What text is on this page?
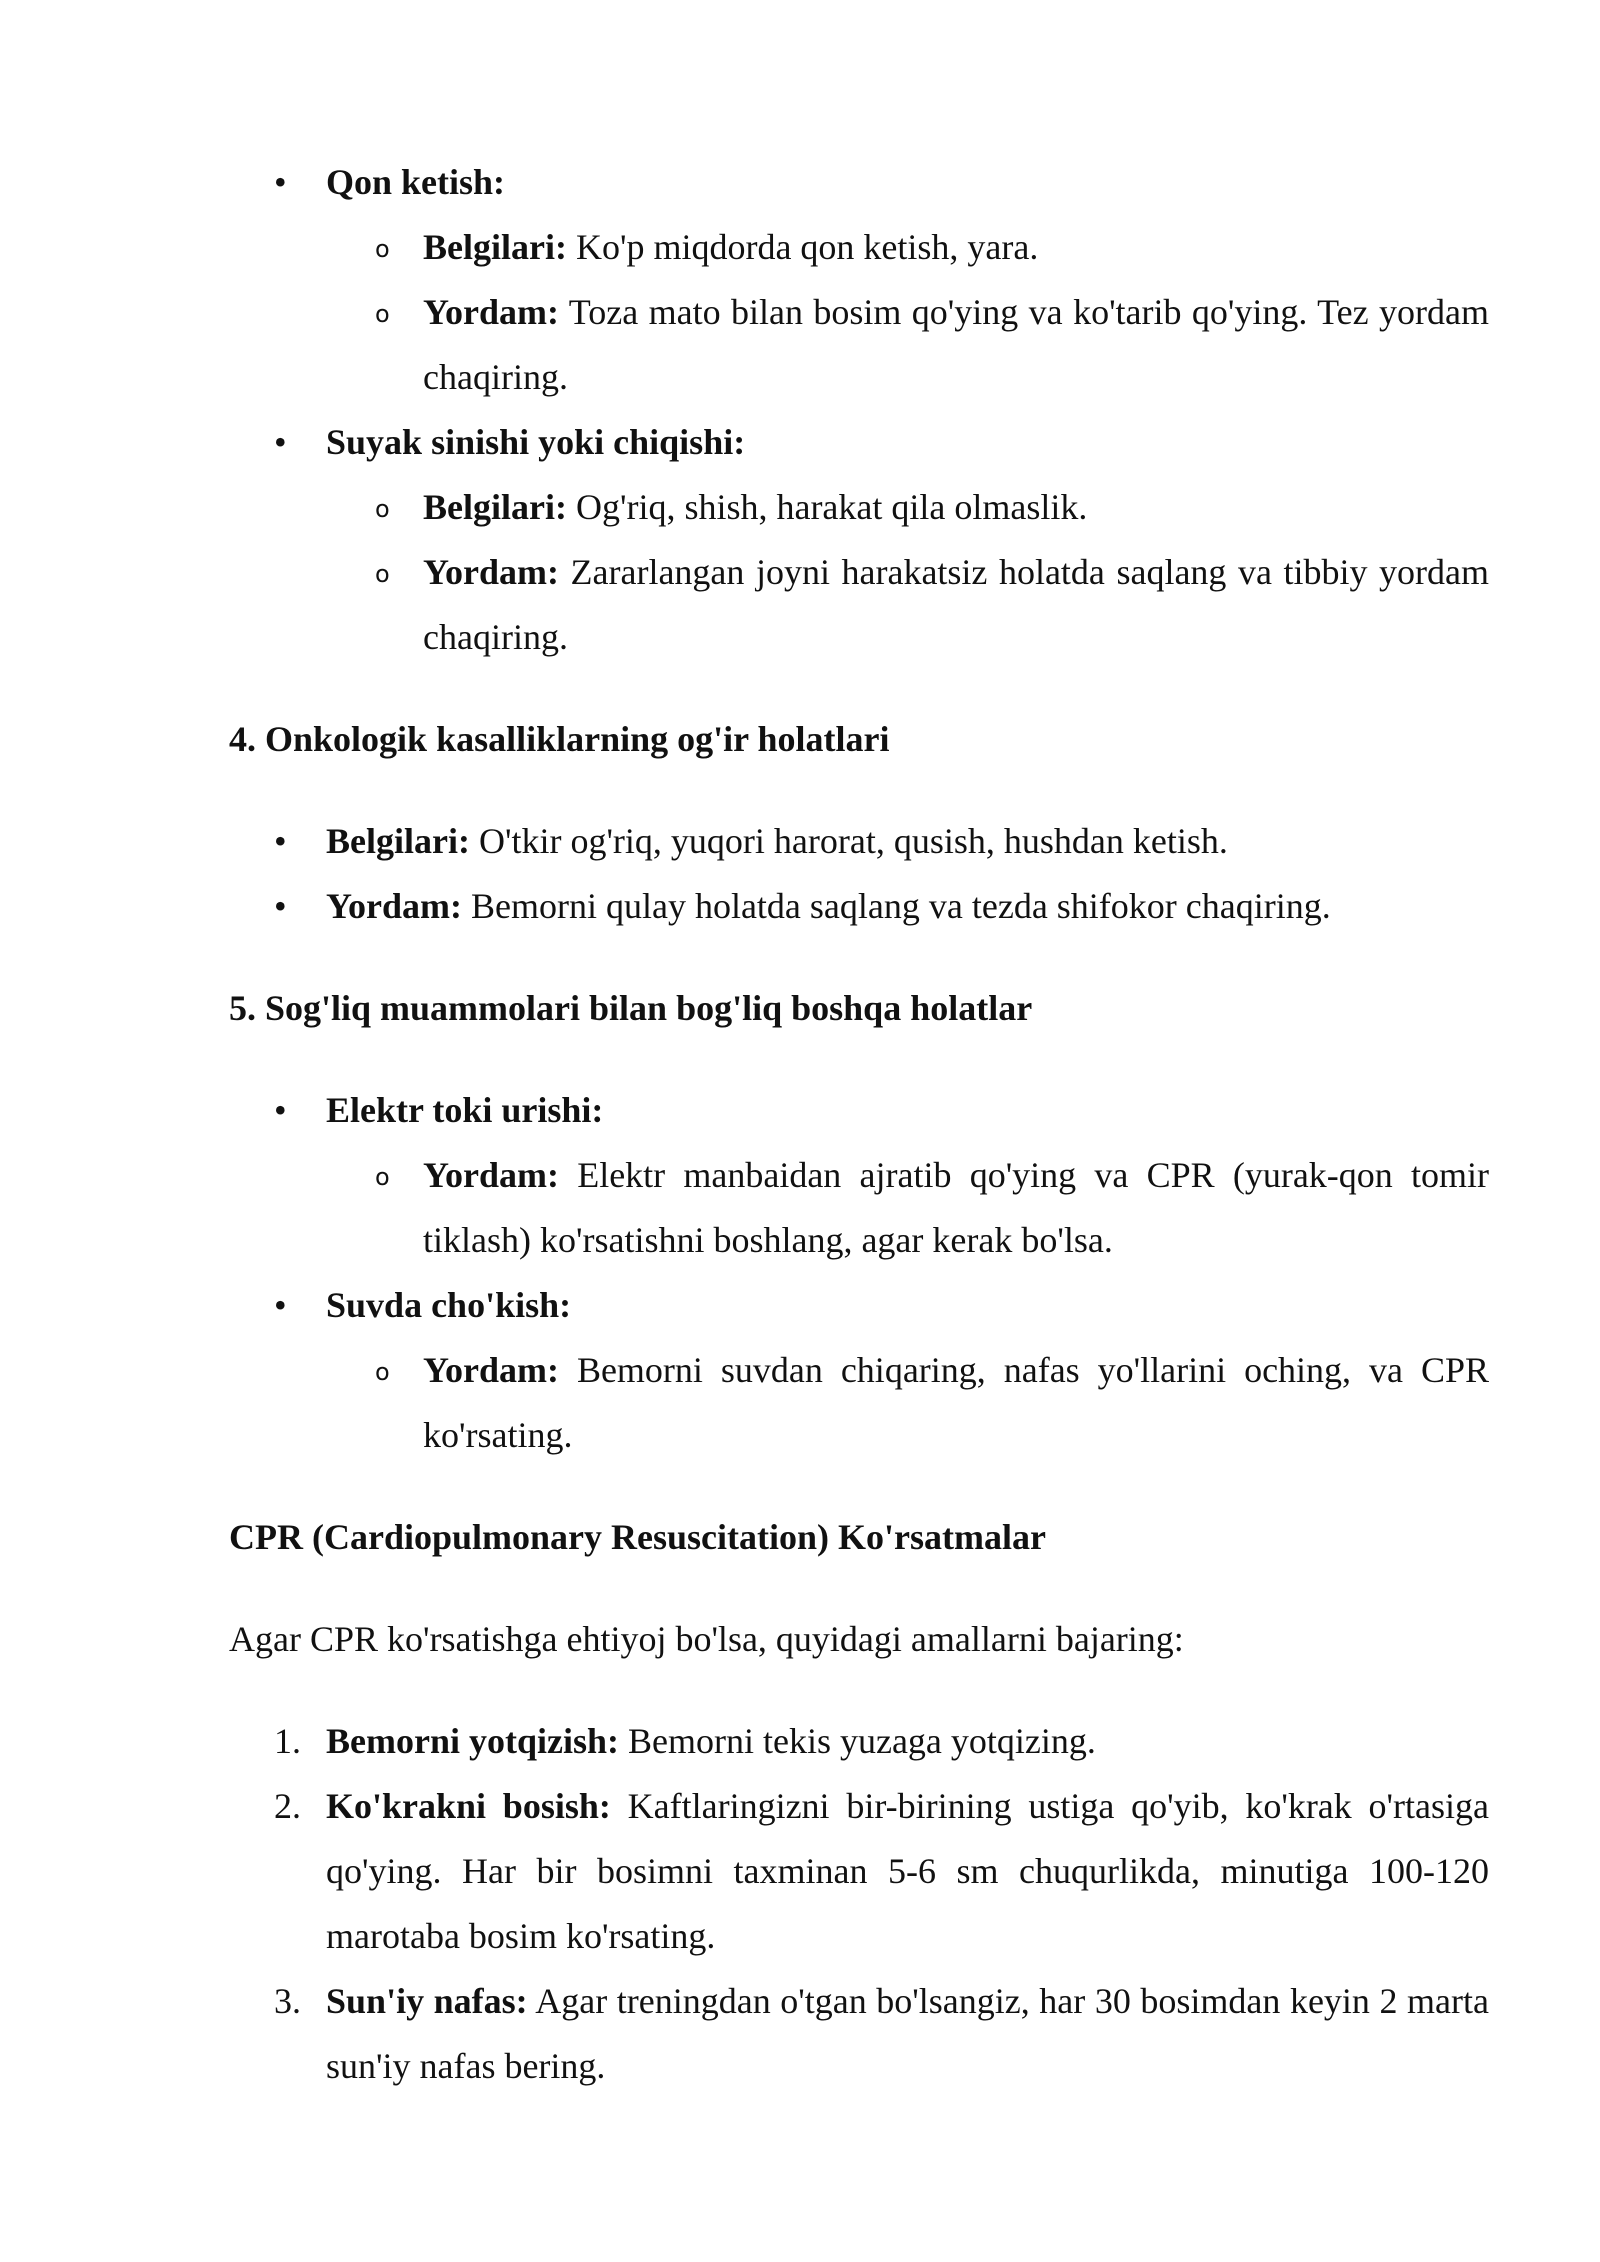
• Qon ketish:
o Belgilari: Ko'p miqdorda qon ketish, yara.
o Yordam: Toza mato bilan bosim qo'ying va ko'tarib qo'ying. Tez yordam chaqiring.
• Suyak sinishi yoki chiqishi:
o Belgilari: Og'riq, shish, harakat qila olmaslik.
o Yordam: Zararlangan joyni harakatsiz holatda saqlang va tibbiy yordam chaqiring.
4. Onkologik kasalliklarning og'ir holatlari
• Belgilari: O'tkir og'riq, yuqori harorat, qusish, hushdan ketish.
• Yordam: Bemorni qulay holatda saqlang va tezda shifokor chaqiring.
5. Sog'liq muammolari bilan bog'liq boshqa holatlar
• Elektr toki urishi:
o Yordam: Elektr manbaidan ajratib qo'ying va CPR (yurak-qon tomir tiklash) ko'rsatishni boshlang, agar kerak bo'lsa.
• Suvda cho'kish:
o Yordam: Bemorni suvdan chiqaring, nafas yo'llarini oching, va CPR ko'rsating.
CPR (Cardiopulmonary Resuscitation) Ko'rsatmalar

Agar CPR ko'rsatishga ehtiyoj bo'lsa, quyidagi amallarni bajaring:

1. Bemorni yotqizish: Bemorni tekis yuzaga yotqizing.
2. Ko'krakni bosish: Kaftlaringizni bir-birining ustiga qo'yib, ko'krak o'rtasiga qo'ying. Har bir bosimni taxminan 5-6 sm chuqurlikda, minutiga 100-120 marotaba bosim ko'rsating.
3. Sun'iy nafas: Agar treningdan o'tgan bo'lsangiz, har 30 bosimdan keyin 2 marta sun'iy nafas bering.
